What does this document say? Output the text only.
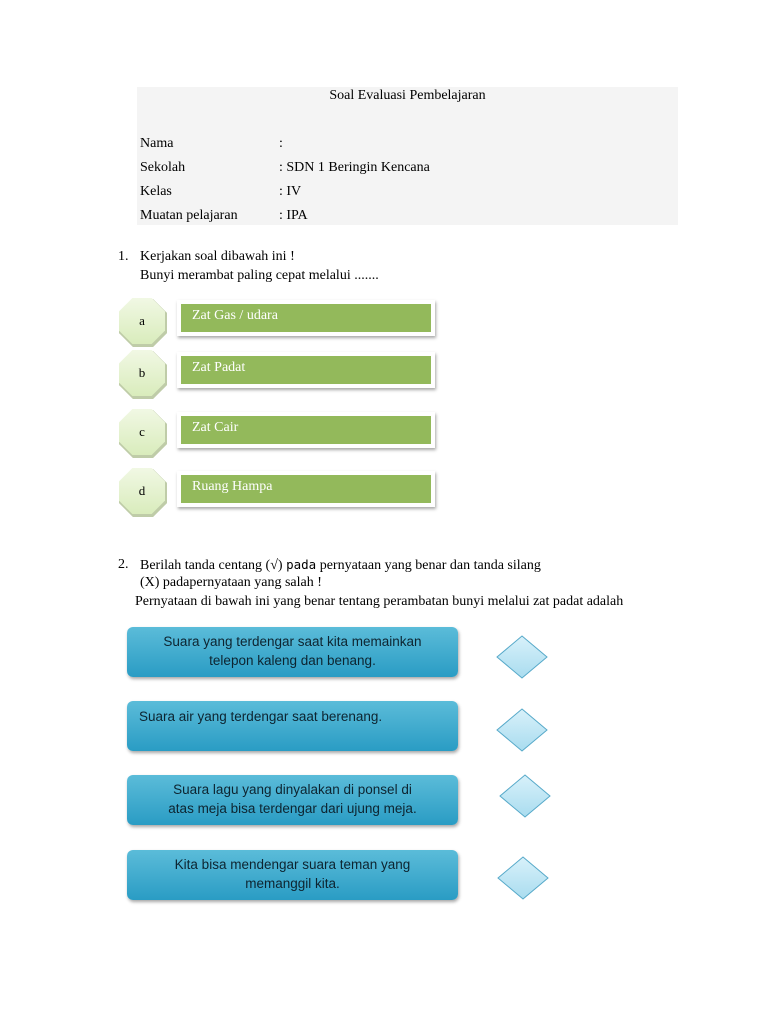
Soal Evaluasi Pembelajaran
Nama	:
Sekolah	: SDN 1 Beringin Kencana
Kelas	: IV
Muatan pelajaran	: IPA
1. Kerjakan soal dibawah ini !
Bunyi merambat paling cepat melalui .......
a	Zat Gas / udara
b	Zat Padat
c	Zat Cair
d	Ruang Hampa
2. Berilah tanda centang (√) pada pernyataan yang benar dan tanda silang
(X) padapernyataan yang salah !
Pernyataan di bawah ini yang benar tentang perambatan bunyi melalui zat padat adalah
Suara yang terdengar saat kita memainkan
telepon kaleng dan benang.
Suara air yang terdengar saat berenang.
Suara lagu yang dinyalakan di ponsel di
atas meja bisa terdengar dari ujung meja.
Kita bisa mendengar suara teman yang
memanggil kita.
